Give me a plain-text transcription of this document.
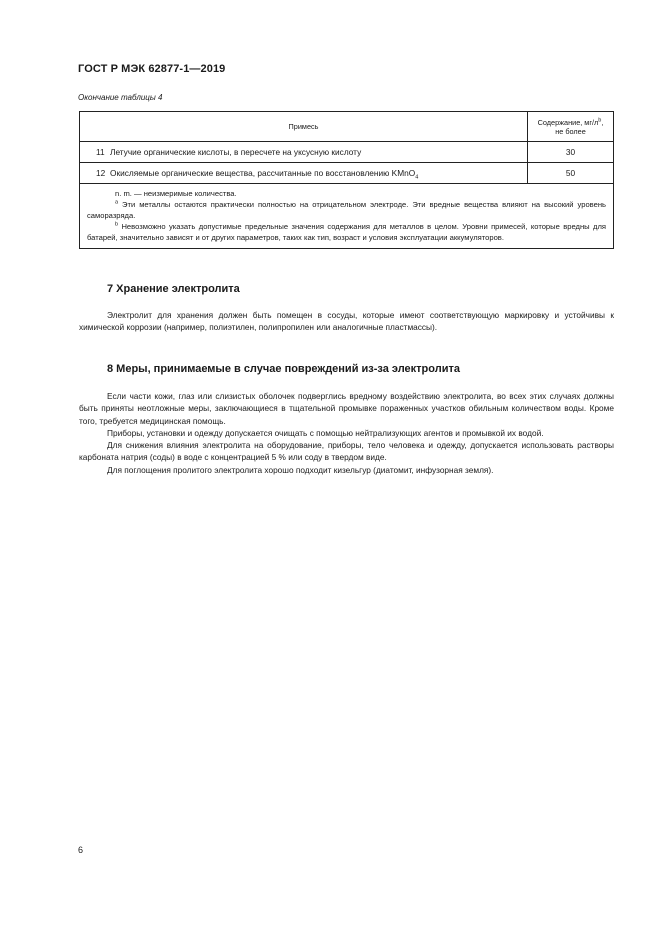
ГОСТ Р МЭК 62877-1—2019
Окончание таблицы 4
Примесь	Содержание, $мг/л^b$,
не более
11 Летучие органические кислоты, в пересчете на уксусную кислоту	30
12 Окисляемые органические вещества, рассчитанные по восстановлению KMnO$_4$	50

n. m. — неизмеримые количества.

$^a$ Эти металлы остаются практически полностью на отрицательном электроде. Эти вредные вещества влияют на высокий уровень саморазряда.

$^b$ Невозможно указать допустимые предельные значения содержания для металлов в целом. Уровни примесей, которые вредны для батарей, значительно зависят и от других параметров, таких как тип, возраст и условия эксплуатации аккумуляторов.

7 Хранение электролита

Электролит для хранения должен быть помещен в сосуды, которые имеют соответствующую маркировку и устойчивы к химической коррозии (например, полиэтилен, полипропилен или аналогичные пластмассы).

8 Меры, принимаемые в случае повреждений из-за электролита

Если части кожи, глаз или слизистых оболочек подверглись вредному воздействию электролита, во всех этих случаях должны быть приняты неотложные меры, заключающиеся в тщательной промывке пораженных участков обильным количеством воды. Кроме того, требуется медицинская помощь.

Приборы, установки и одежду допускается очищать с помощью нейтрализующих агентов и промывкой их водой.

Для снижения влияния электролита на оборудование, приборы, тело человека и одежду, допускается использовать растворы карбоната натрия (соды) в воде с концентрацией 5 % или соду в твердом виде.

Для поглощения пролитого электролита хорошо подходит кизельгур (диатомит, инфузорная земля).

6
